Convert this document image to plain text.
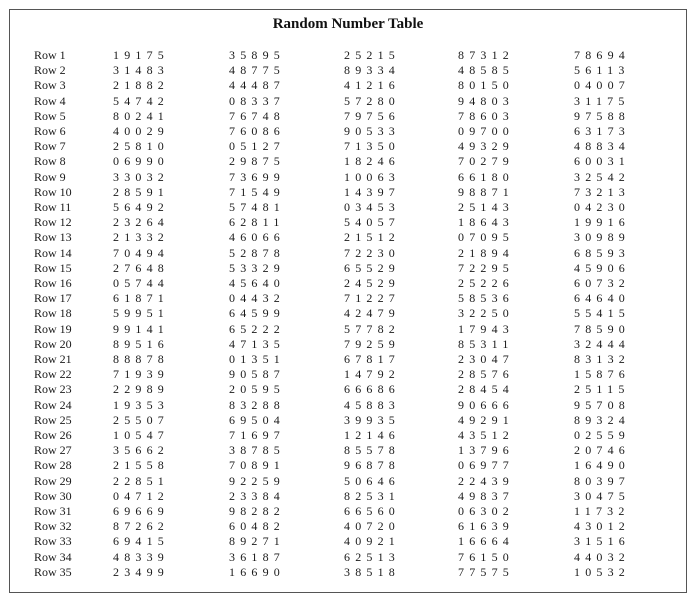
Random Number Table
Row 1	19175	35895	25215	87312	78694
Row 2	31483	48775	89334	48585	56113
Row 3	21882	44487	41216	80150	04007
Row 4	54742	08337	57280	94803	31175
Row 5	80241	76748	79756	78603	97588
Row 6	40029	76086	90533	09700	63173
Row 7	25810	05127	71350	49329	48834
Row 8	06990	29875	18246	70279	60031
Row 9	33032	73699	10063	66180	32542
Row 10	28591	71549	14397	98871	73213
Row 11	56492	57481	03453	25143	04230
Row 12	23264	62811	54057	18643	19916
Row 13	21332	46066	21512	07095	30989
Row 14	70494	52878	72230	21894	68593
Row 15	27648	53329	65529	72295	45906
Row 16	05744	45640	24529	25226	60732
Row 17	61871	04432	71227	58536	64640
Row 18	59951	64599	42479	32250	55415
Row 19	99141	65222	57782	17943	78590
Row 20	89516	47135	79259	85311	32444
Row 21	88878	01351	67817	23047	83132
Row 22	71939	90587	14792	28576	15876
Row 23	22989	20595	66686	28454	25115
Row 24	19353	83288	45883	90666	95708
Row 25	25507	69504	39935	49291	89324
Row 26	10547	71697	12146	43512	02559
Row 27	35662	38785	85578	13796	20746
Row 28	21558	70891	96878	06977	16490
Row 29	22851	92259	50646	22439	80397
Row 30	04712	23384	82531	49837	30475
Row 31	69669	98282	66560	06302	11732
Row 32	87262	60482	40720	61639	43012
Row 33	69415	89271	40921	16664	31516
Row 34	48339	36187	62513	76150	44032
Row 35	23499	16690	38518	77575	10532
